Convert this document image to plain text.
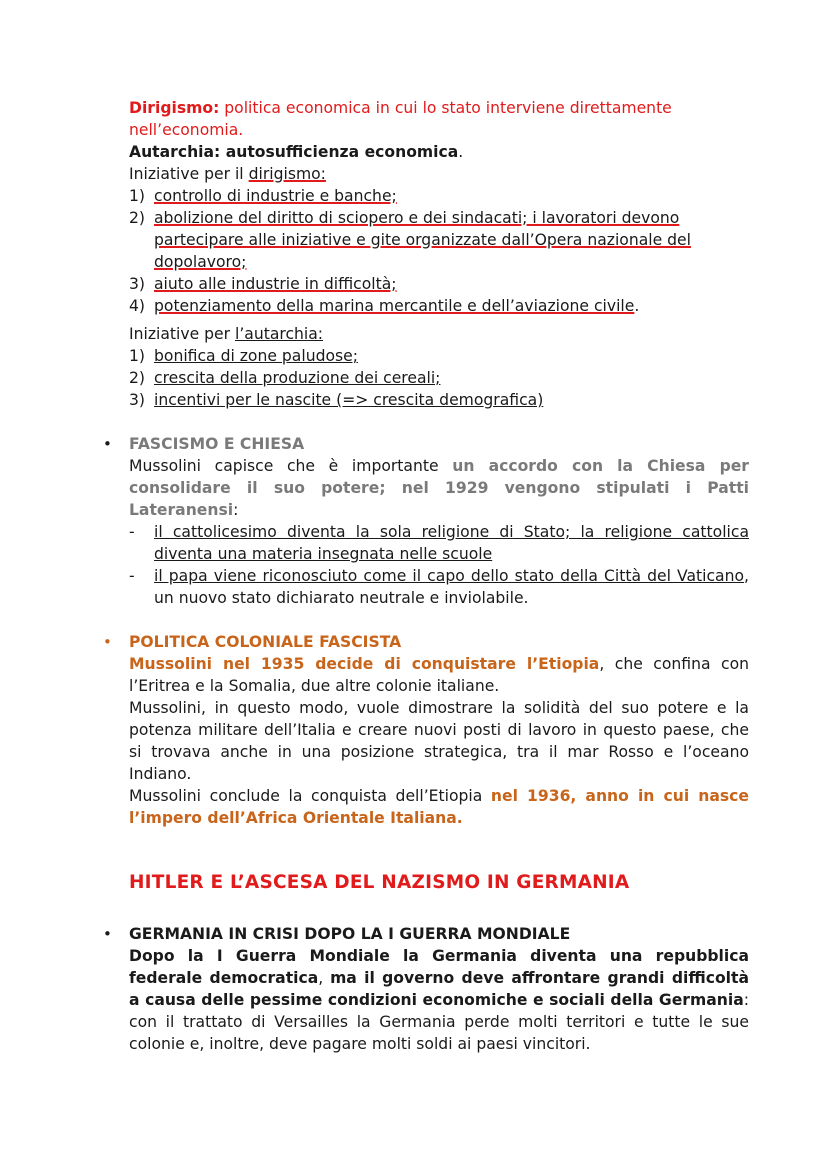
Dirigismo: politica economica in cui lo stato interviene direttamente
nell’economia.

Autarchia: autosufficienza economica.

Iniziative per il dirigismo:

1) controllo di industrie e banche;
2) abolizione del diritto di sciopero e dei sindacati; i lavoratori devono
partecipare alle iniziative e gite organizzate dall’Opera nazionale del
dopolavoro;
3) aiuto alle industrie in difficoltà;
4) potenziamento della marina mercantile e dell’aviazione civile.

Iniziative per l’autarchia:

1) bonifica di zone paludose;
2) crescita della produzione dei cereali;
3) incentivi per le nascite (=> crescita demografica)
• FASCISMO E CHIESA

Mussolini capisce che è importante un accordo con la Chiesa per consolidare il suo potere; nel 1929 vengono stipulati i Patti Lateranensi:

- il cattolicesimo diventa la sola religione di Stato; la religione cattolica diventa una materia insegnata nelle scuole
- il papa viene riconosciuto come il capo dello stato della Città del Vaticano, un nuovo stato dichiarato neutrale e inviolabile.
• POLITICA COLONIALE FASCISTA

Mussolini nel 1935 decide di conquistare l’Etiopia, che confina con l’Eritrea e la Somalia, due altre colonie italiane.

Mussolini, in questo modo, vuole dimostrare la solidità del suo potere e la potenza militare dell’Italia e creare nuovi posti di lavoro in questo paese, che si trovava anche in una posizione strategica, tra il mar Rosso e l’oceano Indiano.

Mussolini conclude la conquista dell’Etiopia nel 1936, anno in cui nasce l’impero dell’Africa Orientale Italiana.

HITLER E L’ASCESA DEL NAZISMO IN GERMANIA
• GERMANIA IN CRISI DOPO LA I GUERRA MONDIALE

Dopo la I Guerra Mondiale la Germania diventa una repubblica federale democratica, ma il governo deve affrontare grandi difficoltà a causa delle pessime condizioni economiche e sociali della Germania: con il trattato di Versailles la Germania perde molti territori e tutte le sue colonie e, inoltre, deve pagare molti soldi ai paesi vincitori.
